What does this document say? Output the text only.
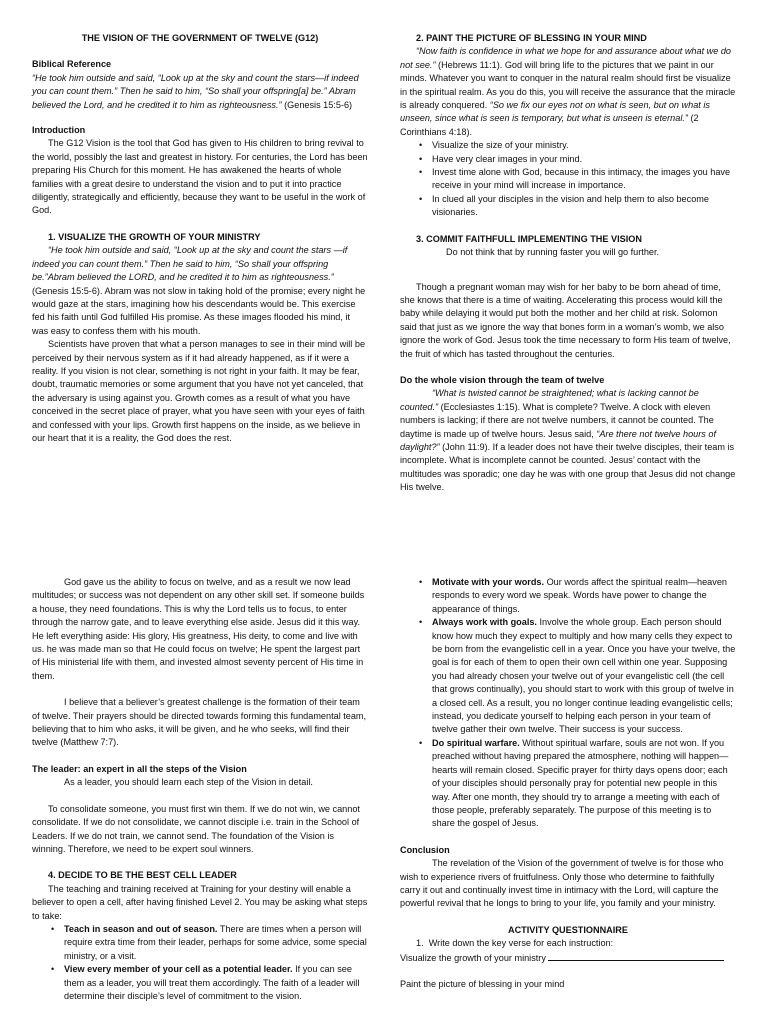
THE VISION OF THE GOVERNMENT OF TWELVE (G12)

Biblical Reference

“He took him outside and said, “Look up at the sky and count the stars—if indeed you can count them.” Then he said to him, “So shall your offspring[a] be.” Abram believed the Lord, and he credited it to him as righteousness.” (Genesis 15:5-6)

Introduction

The G12 Vision is the tool that God has given to His children to bring revival to the world, possibly the last and greatest in history. For centuries, the Lord has been preparing His Church for this moment. He has awakened the hearts of whole families with a great desire to understand the vision and to put it into practice diligently, strategically and efficiently, because they want to be useful in the work of God.

1. VISUALIZE THE GROWTH OF YOUR MINISTRY

“He took him outside and said, “Look up at the sky and count the stars —if indeed you can count them.” Then he said to him, “So shall your offspring be.”Abram believed the LORD, and he credited it to him as righteousness.” (Genesis 15:5-6). Abram was not slow in taking hold of the promise; every night he would gaze at the stars, imagining how his descendants would be. This exercise fed his faith until God fulfilled His promise. As these images flooded his mind, it was easy to confess them with his mouth.

Scientists have proven that what a person manages to see in their mind will be perceived by their nervous system as if it had already happened, as if it were a reality. If you vision is not clear, something is not right in your faith. It may be fear, doubt, traumatic memories or some argument that you have not yet canceled, that the adversary is using against you. Growth comes as a result of what you have conceived in the secret place of prayer, what you have seen with your eyes of faith and confessed with your lips. Growth first happens on the inside, as we believe in our heart that it is a reality, the God does the rest.

2. PAINT THE PICTURE OF BLESSING IN YOUR MIND

“Now faith is confidence in what we hope for and assurance about what we do not see.” (Hebrews 11:1). God will bring life to the pictures that we paint in our minds. Whatever you want to conquer in the natural realm should first be visualize in the spiritual realm. As you do this, you will receive the assurance that the miracle is already conquered. “So we fix our eyes not on what is seen, but on what is unseen, since what is seen is temporary, but what is unseen is eternal.” (2 Corinthians 4:18).

• Visualize the size of your ministry.
• Have very clear images in your mind.
• Invest time alone with God, because in this intimacy, the images you have receive in your mind will increase in importance.
• In clued all your disciples in the vision and help them to also become visionaries.

3. COMMIT FAITHFULL IMPLEMENTING THE VISION

Do not think that by running faster you will go further.

Though a pregnant woman may wish for her baby to be born ahead of time, she knows that there is a time of waiting. Accelerating this process would kill the baby while delaying it would put both the mother and her child at risk. Solomon said that just as we ignore the way that bones form in a woman’s womb, we also ignore the work of God. Jesus took the time necessary to form His team of twelve, the fruit of which has tasted throughout the centuries.

Do the whole vision through the team of twelve

“What is twisted cannot be straightened; what is lacking cannot be counted.” (Ecclesiastes 1:15). What is complete? Twelve. A clock with eleven numbers is lacking; if there are not twelve numbers, it cannot be counted. The daytime is made up of twelve hours. Jesus said, “Are there not twelve hours of daylight?” (John 11:9). If a leader does not have their twelve disciples, their team is incomplete. What is incomplete cannot be counted. Jesus’ contact with the multitudes was sporadic; one day he was with one group that Jesus did not change His twelve.

God gave us the ability to focus on twelve, and as a result we now lead multitudes; or success was not dependent on any other skill set. If someone builds a house, they need foundations. This is why the Lord tells us to focus, to enter through the narrow gate, and to leave everything else aside. Jesus did it this way. He left everything aside: His glory, His greatness, His deity, to come and live with us. he was made man so that He could focus on twelve; He spent the largest part of His ministerial life with them, and invested almost seventy percent of His time in them.

I believe that a believer’s greatest challenge is the formation of their team of twelve. Their prayers should be directed towards forming this fundamental team, believing that to him who asks, it will be given, and he who seeks, will find their twelve (Matthew 7:7).

The leader: an expert in all the steps of the Vision

As a leader, you should learn each step of the Vision in detail.

To consolidate someone, you must first win them. If we do not win, we cannot consolidate. If we do not consolidate, we cannot disciple i.e. train in the School of Leaders. If we do not train, we cannot send. The foundation of the Vision is winning. Therefore, we need to be expert soul winners.

4. DECIDE TO BE THE BEST CELL LEADER

The teaching and training received at Training for your destiny will enable a believer to open a cell, after having finished Level 2. You may be asking what steps to take:

• Teach in season and out of season. There are times when a person will require extra time from their leader, perhaps for some advice, some special ministry, or a visit.
• View every member of your cell as a potential leader. If you can see them as a leader, you will treat them accordingly. The faith of a leader will determine their disciple’s level of commitment to the vision.
• Motivate with your words. Our words affect the spiritual realm—heaven responds to every word we speak. Words have power to change the appearance of things.
• Always work with goals. Involve the whole group. Each person should know how much they expect to multiply and how many cells they expect to be born from the evangelistic cell in a year. Once you have your twelve, the goal is for each of them to open their own cell within one year. Supposing you had already chosen your twelve out of your evangelistic cell (the cell that grows continually), you should start to work with this group of twelve in a closed cell. As a result, you no longer continue leading evangelistic cells; instead, you dedicate yourself to helping each person in your team of twelve gather their own twelve. Their success is your success.
• Do spiritual warfare. Without spiritual warfare, souls are not won. If you preached without having prepared the atmosphere, nothing will happen—hearts will remain closed. Specific prayer for thirty days opens door; each of your disciples should personally pray for potential new people in this way. After one month, they should try to arrange a meeting with each of those people, preferably separately. The purpose of this meeting is to share the gospel of Jesus.

Conclusion

The revelation of the Vision of the government of twelve is for those who wish to experience rivers of fruitfulness. Only those who determine to faithfully carry it out and continually invest time in intimacy with the Lord, will capture the powerful revival that he longs to bring to your life, you family and your ministry.

ACTIVITY QUESTIONNAIRE

1. Write down the key verse for each instruction:

Visualize the growth of your ministry

Paint the picture of blessing in your mind
